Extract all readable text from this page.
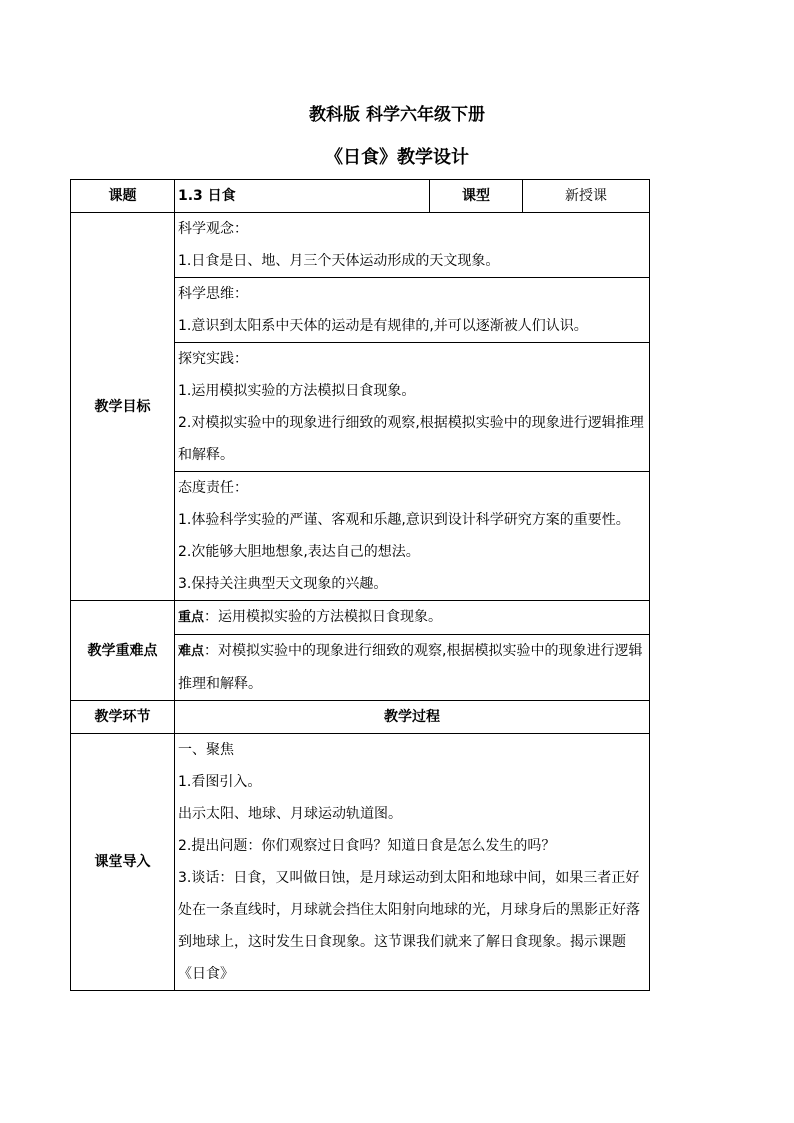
教科版 科学六年级下册
《日食》教学设计
课题	1.3 日食	课型	新授课
教学目标	科学观念：
1.日食是日、地、月三个天体运动形成的天文现象。		

	科学思维：
1.意识到太阳系中天体的运动是有规律的,并可以逐渐被人们认识。		

	探究实践：
1.运用模拟实验的方法模拟日食现象。
2.对模拟实验中的现象进行细致的观察,根据模拟实验中的现象进行逻辑推理和解释。		

	态度责任：
1.体验科学实验的严谨、客观和乐趣,意识到设计科学研究方案的重要性。
2.次能够大胆地想象,表达自己的想法。
3.保持关注典型天文现象的兴趣。		

教学重难点	重点：运用模拟实验的方法模拟日食现象。		

	难点：对模拟实验中的现象进行细致的观察,根据模拟实验中的现象进行逻辑推理和解释。		

教学环节	教学过程		
课堂导入	一、聚焦
1.看图引入。
出示太阳、地球、月球运动轨道图。
2.提出问题：你们观察过日食吗？知道日食是怎么发生的吗？
3.谈话：日食，又叫做日蚀，是月球运动到太阳和地球中间，如果三者正好处在一条直线时，月球就会挡住太阳射向地球的光，月球身后的黑影正好落到地球上，这时发生日食现象。这节课我们就来了解日食现象。揭示课题《日食》		
